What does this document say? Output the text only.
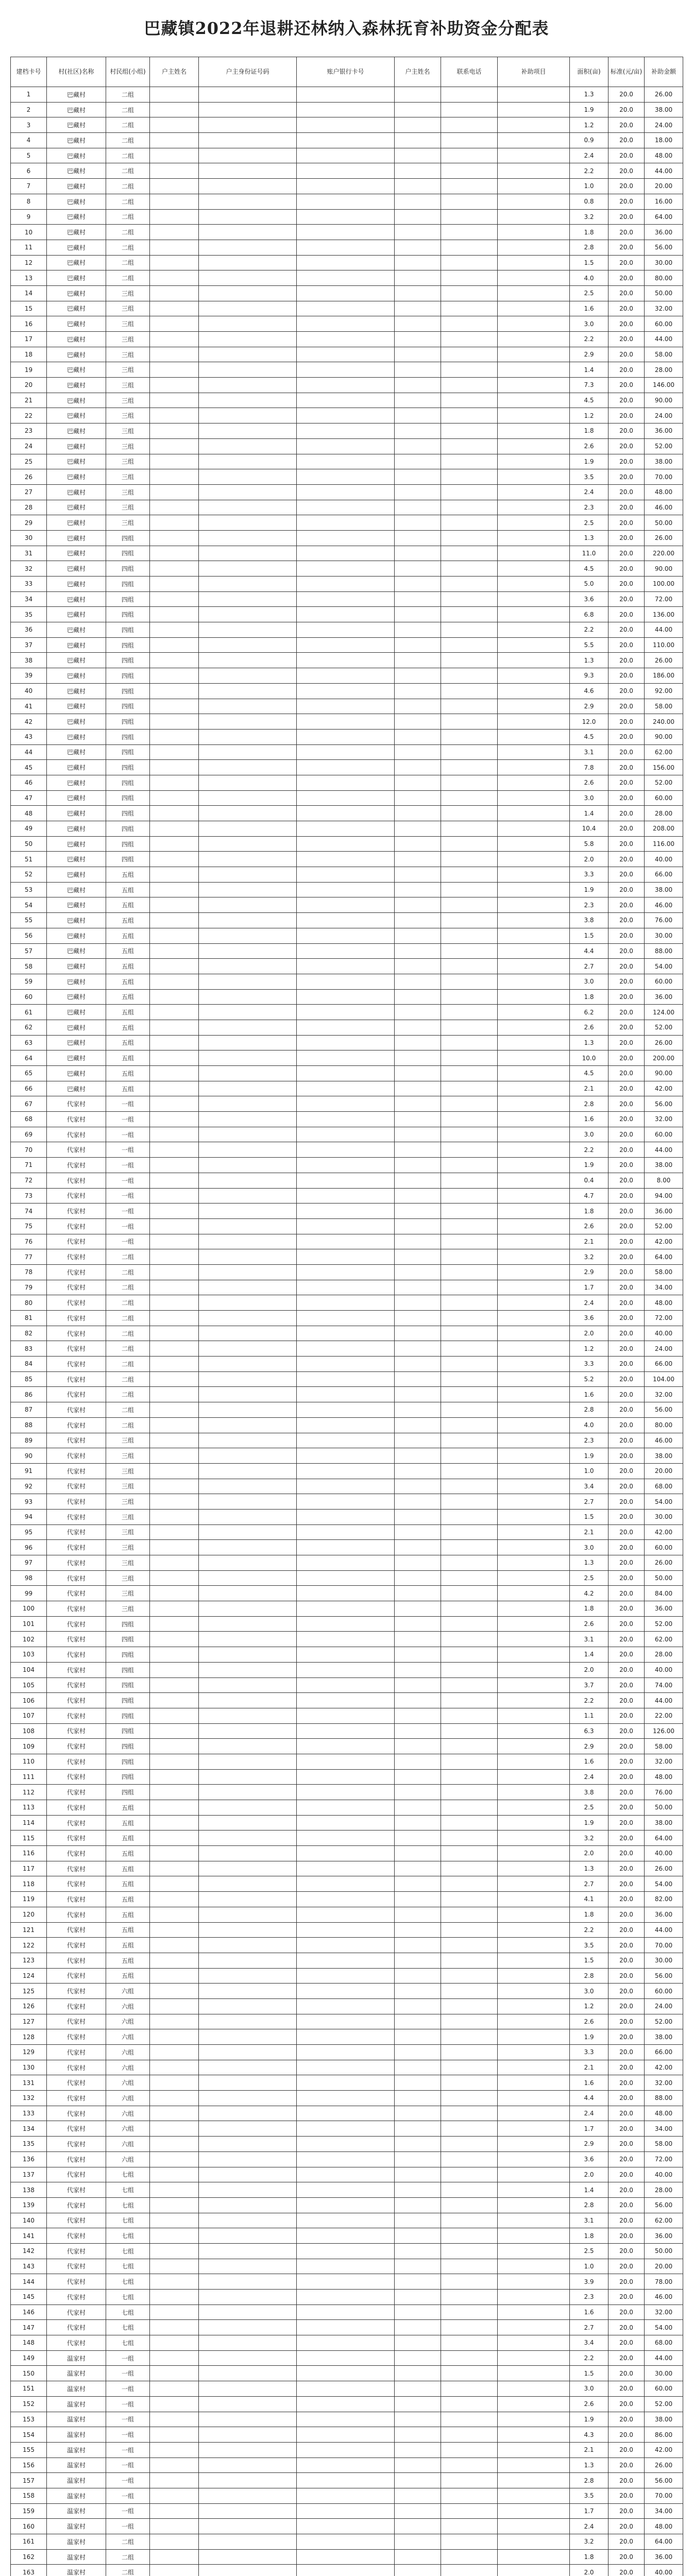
巴藏镇2022年退耕还林纳入森林抚育补助资金分配表
建档卡号	村(社区)名称	村民组(小组)	户主姓名	户主身份证号码	账户银行卡号	户主姓名	联系电话	补助项目	面积(亩)	标准(元/亩)	补助金额
1	巴藏村	二组							1.3	20.0	26.00
2	巴藏村	二组							1.9	20.0	38.00
3	巴藏村	二组							1.2	20.0	24.00
4	巴藏村	二组							0.9	20.0	18.00
5	巴藏村	二组							2.4	20.0	48.00
6	巴藏村	二组							2.2	20.0	44.00
7	巴藏村	二组							1.0	20.0	20.00
8	巴藏村	二组							0.8	20.0	16.00
9	巴藏村	二组							3.2	20.0	64.00
10	巴藏村	二组							1.8	20.0	36.00
11	巴藏村	二组							2.8	20.0	56.00
12	巴藏村	二组							1.5	20.0	30.00
13	巴藏村	二组							4.0	20.0	80.00
14	巴藏村	三组							2.5	20.0	50.00
15	巴藏村	三组							1.6	20.0	32.00
16	巴藏村	三组							3.0	20.0	60.00
17	巴藏村	三组							2.2	20.0	44.00
18	巴藏村	三组							2.9	20.0	58.00
19	巴藏村	三组							1.4	20.0	28.00
20	巴藏村	三组							7.3	20.0	146.00
21	巴藏村	三组							4.5	20.0	90.00
22	巴藏村	三组							1.2	20.0	24.00
23	巴藏村	三组							1.8	20.0	36.00
24	巴藏村	三组							2.6	20.0	52.00
25	巴藏村	三组							1.9	20.0	38.00
26	巴藏村	三组							3.5	20.0	70.00
27	巴藏村	三组							2.4	20.0	48.00
28	巴藏村	三组							2.3	20.0	46.00
29	巴藏村	三组							2.5	20.0	50.00
30	巴藏村	四组							1.3	20.0	26.00
31	巴藏村	四组							11.0	20.0	220.00
32	巴藏村	四组							4.5	20.0	90.00
33	巴藏村	四组							5.0	20.0	100.00
34	巴藏村	四组							3.6	20.0	72.00
35	巴藏村	四组							6.8	20.0	136.00
36	巴藏村	四组							2.2	20.0	44.00
37	巴藏村	四组							5.5	20.0	110.00
38	巴藏村	四组							1.3	20.0	26.00
39	巴藏村	四组							9.3	20.0	186.00
40	巴藏村	四组							4.6	20.0	92.00
41	巴藏村	四组							2.9	20.0	58.00
42	巴藏村	四组							12.0	20.0	240.00
43	巴藏村	四组							4.5	20.0	90.00
44	巴藏村	四组							3.1	20.0	62.00
45	巴藏村	四组							7.8	20.0	156.00
46	巴藏村	四组							2.6	20.0	52.00
47	巴藏村	四组							3.0	20.0	60.00
48	巴藏村	四组							1.4	20.0	28.00
49	巴藏村	四组							10.4	20.0	208.00
50	巴藏村	四组							5.8	20.0	116.00
51	巴藏村	四组							2.0	20.0	40.00
52	巴藏村	五组							3.3	20.0	66.00
53	巴藏村	五组							1.9	20.0	38.00
54	巴藏村	五组							2.3	20.0	46.00
55	巴藏村	五组							3.8	20.0	76.00
56	巴藏村	五组							1.5	20.0	30.00
57	巴藏村	五组							4.4	20.0	88.00
58	巴藏村	五组							2.7	20.0	54.00
59	巴藏村	五组							3.0	20.0	60.00
60	巴藏村	五组							1.8	20.0	36.00
61	巴藏村	五组							6.2	20.0	124.00
62	巴藏村	五组							2.6	20.0	52.00
63	巴藏村	五组							1.3	20.0	26.00
64	巴藏村	五组							10.0	20.0	200.00
65	巴藏村	五组							4.5	20.0	90.00
66	巴藏村	五组							2.1	20.0	42.00
67	代家村	一组							2.8	20.0	56.00
68	代家村	一组							1.6	20.0	32.00
69	代家村	一组							3.0	20.0	60.00
70	代家村	一组							2.2	20.0	44.00
71	代家村	一组							1.9	20.0	38.00
72	代家村	一组							0.4	20.0	8.00
73	代家村	一组							4.7	20.0	94.00
74	代家村	一组							1.8	20.0	36.00
75	代家村	一组							2.6	20.0	52.00
76	代家村	一组							2.1	20.0	42.00
77	代家村	二组							3.2	20.0	64.00
78	代家村	二组							2.9	20.0	58.00
79	代家村	二组							1.7	20.0	34.00
80	代家村	二组							2.4	20.0	48.00
81	代家村	二组							3.6	20.0	72.00
82	代家村	二组							2.0	20.0	40.00
83	代家村	二组							1.2	20.0	24.00
84	代家村	二组							3.3	20.0	66.00
85	代家村	二组							5.2	20.0	104.00
86	代家村	二组							1.6	20.0	32.00
87	代家村	二组							2.8	20.0	56.00
88	代家村	二组							4.0	20.0	80.00
89	代家村	三组							2.3	20.0	46.00
90	代家村	三组							1.9	20.0	38.00
91	代家村	三组							1.0	20.0	20.00
92	代家村	三组							3.4	20.0	68.00
93	代家村	三组							2.7	20.0	54.00
94	代家村	三组							1.5	20.0	30.00
95	代家村	三组							2.1	20.0	42.00
96	代家村	三组							3.0	20.0	60.00
97	代家村	三组							1.3	20.0	26.00
98	代家村	三组							2.5	20.0	50.00
99	代家村	三组							4.2	20.0	84.00
100	代家村	三组							1.8	20.0	36.00
101	代家村	四组							2.6	20.0	52.00
102	代家村	四组							3.1	20.0	62.00
103	代家村	四组							1.4	20.0	28.00
104	代家村	四组							2.0	20.0	40.00
105	代家村	四组							3.7	20.0	74.00
106	代家村	四组							2.2	20.0	44.00
107	代家村	四组							1.1	20.0	22.00
108	代家村	四组							6.3	20.0	126.00
109	代家村	四组							2.9	20.0	58.00
110	代家村	四组							1.6	20.0	32.00
111	代家村	四组							2.4	20.0	48.00
112	代家村	四组							3.8	20.0	76.00
113	代家村	五组							2.5	20.0	50.00
114	代家村	五组							1.9	20.0	38.00
115	代家村	五组							3.2	20.0	64.00
116	代家村	五组							2.0	20.0	40.00
117	代家村	五组							1.3	20.0	26.00
118	代家村	五组							2.7	20.0	54.00
119	代家村	五组							4.1	20.0	82.00
120	代家村	五组							1.8	20.0	36.00
121	代家村	五组							2.2	20.0	44.00
122	代家村	五组							3.5	20.0	70.00
123	代家村	五组							1.5	20.0	30.00
124	代家村	五组							2.8	20.0	56.00
125	代家村	六组							3.0	20.0	60.00
126	代家村	六组							1.2	20.0	24.00
127	代家村	六组							2.6	20.0	52.00
128	代家村	六组							1.9	20.0	38.00
129	代家村	六组							3.3	20.0	66.00
130	代家村	六组							2.1	20.0	42.00
131	代家村	六组							1.6	20.0	32.00
132	代家村	六组							4.4	20.0	88.00
133	代家村	六组							2.4	20.0	48.00
134	代家村	六组							1.7	20.0	34.00
135	代家村	六组							2.9	20.0	58.00
136	代家村	六组							3.6	20.0	72.00
137	代家村	七组							2.0	20.0	40.00
138	代家村	七组							1.4	20.0	28.00
139	代家村	七组							2.8	20.0	56.00
140	代家村	七组							3.1	20.0	62.00
141	代家村	七组							1.8	20.0	36.00
142	代家村	七组							2.5	20.0	50.00
143	代家村	七组							1.0	20.0	20.00
144	代家村	七组							3.9	20.0	78.00
145	代家村	七组							2.3	20.0	46.00
146	代家村	七组							1.6	20.0	32.00
147	代家村	七组							2.7	20.0	54.00
148	代家村	七组							3.4	20.0	68.00
149	温家村	一组							2.2	20.0	44.00
150	温家村	一组							1.5	20.0	30.00
151	温家村	一组							3.0	20.0	60.00
152	温家村	一组							2.6	20.0	52.00
153	温家村	一组							1.9	20.0	38.00
154	温家村	一组							4.3	20.0	86.00
155	温家村	一组							2.1	20.0	42.00
156	温家村	一组							1.3	20.0	26.00
157	温家村	一组							2.8	20.0	56.00
158	温家村	一组							3.5	20.0	70.00
159	温家村	一组							1.7	20.0	34.00
160	温家村	一组							2.4	20.0	48.00
161	温家村	二组							3.2	20.0	64.00
162	温家村	二组							1.8	20.0	36.00
163	温家村	二组							2.0	20.0	40.00
